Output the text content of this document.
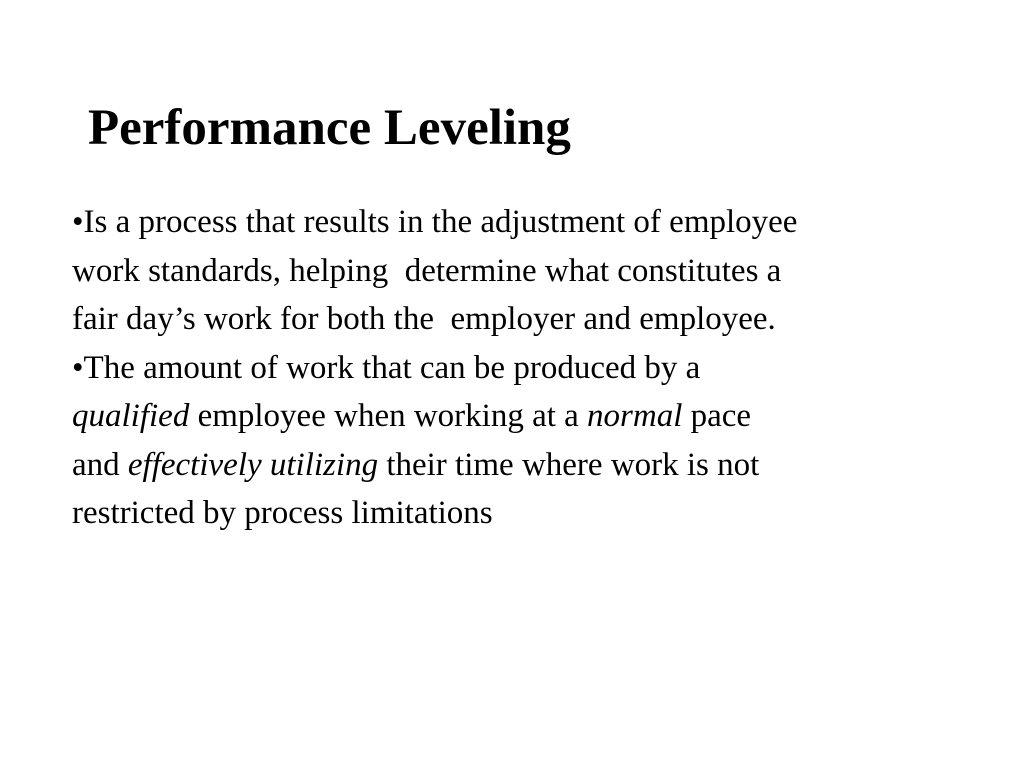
Performance Leveling
•Is a process that results in the adjustment of employee
work standards, helping  determine what constitutes a
fair day’s work for both the  employer and employee.
•The amount of work that can be produced by a
qualified employee when working at a normal pace
and effectively utilizing their time where work is not
restricted by process limitations
